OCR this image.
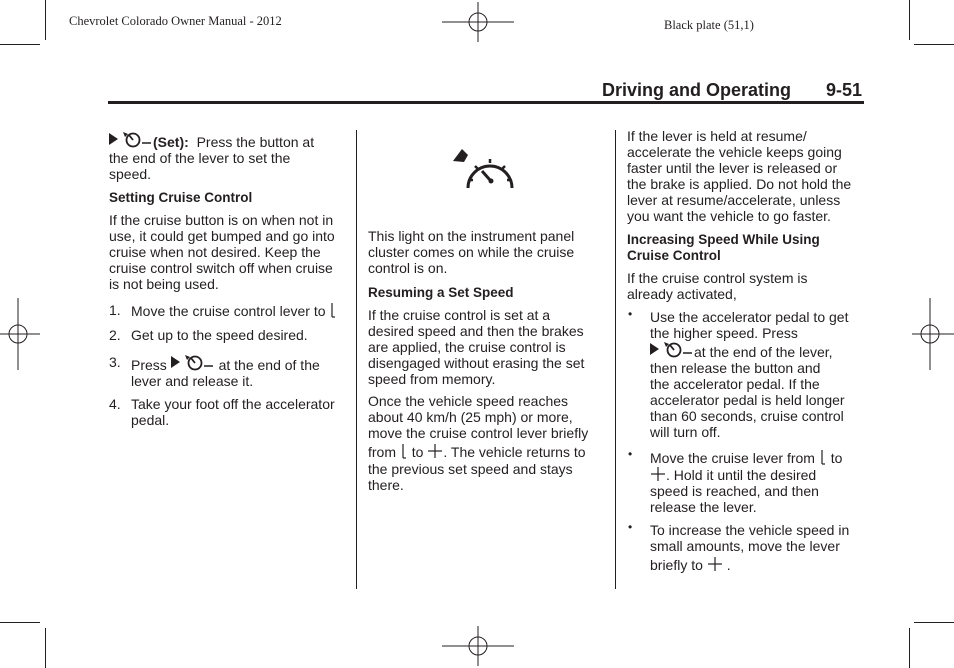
Chevrolet Colorado Owner Manual - 2012	Black plate (51,1)
Driving and Operating 9-51

(Set): Press the button at

the end of the lever to set the

speed.

Setting Cruise Control

If the cruise button is on when not in

use, it could get bumped and go into

cruise when not desired. Keep the

cruise control switch off when cruise

is not being used.

1. Move the cruise control lever to
2. Get up to the speed desired.
3. Press	at the end of the
lever and release it.
4. Take your foot off the accelerator
pedal.

This light on the instrument panel

cluster comes on while the cruise

control is on.

Resuming a Set Speed

If the cruise control is set at a

desired speed and then the brakes

are applied, the cruise control is

disengaged without erasing the set

speed from memory.

Once the vehicle speed reaches

about 40 km/h (25 mph) or more,

move the cruise control lever briefly

from to . The vehicle returns to

the previous set speed and stays

there.

If the lever is held at resume/

accelerate the vehicle keeps going

faster until the lever is released or

the brake is applied. Do not hold the

lever at resume/accelerate, unless

you want the vehicle to go faster.

Increasing Speed While Using

Cruise Control

If the cruise control system is

already activated,

• Use the accelerator pedal to get

the higher speed. Press

at the end of the lever,

then release the button and

the accelerator pedal. If the

accelerator pedal is held longer

than 60 seconds, cruise control

will turn off.

• Move the cruise lever from to

. Hold it until the desired

speed is reached, and then

release the lever.

• To increase the vehicle speed in

small amounts, move the lever

briefly to .
